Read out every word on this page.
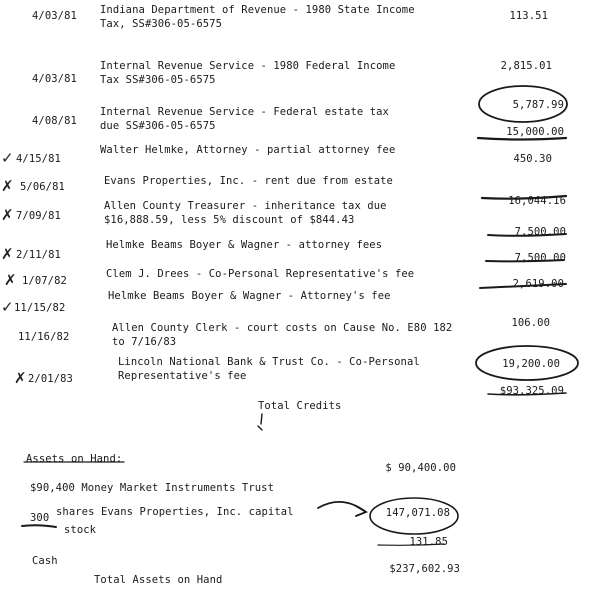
4/03/81 Indiana Department of Revenue - 1980 State Income
Tax, SS#306-05-6575
113.51
4/03/81
Internal Revenue Service - 1980 Federal Income
Tax SS#306-05-6575
2,815.01
4/08/81
Internal Revenue Service - Federal estate tax
due SS#306-05-6575
5,787.99
15,000.00
✓ 4/15/81
Walter Helmke, Attorney - partial attorney fee
450.30
✗ 5/06/81	Evans Properties, Inc. - rent due from estate
16,044.16
✗ 7/09/81
Allen County Treasurer - inheritance tax due
$16,888.59, less 5% discount of $844.43
7,500.00
✗ 2/11/81
Helmke Beams Boyer & Wagner - attorney fees
7,500.00
✗ 1/07/82
Clem J. Drees - Co-Personal Representative's fee
2,619.00
✓ 11/15/82
Helmke Beams Boyer & Wagner - Attorney's fee
11/16/82
Allen County Clerk - court costs on Cause No. E80 182
to 7/16/83
106.00
✗ 2/01/83
Lincoln National Bank & Trust Co. - Co-Personal
Representative's fee
19,200.00
Total Credits
$93,325.09
Assets on Hand:
$90,400 Money Market Instruments Trust
$ 90,400.00
300 shares Evans Properties, Inc. capital
stock
147,071.08
Cash
131.85
Total Assets on Hand
$237,602.93
